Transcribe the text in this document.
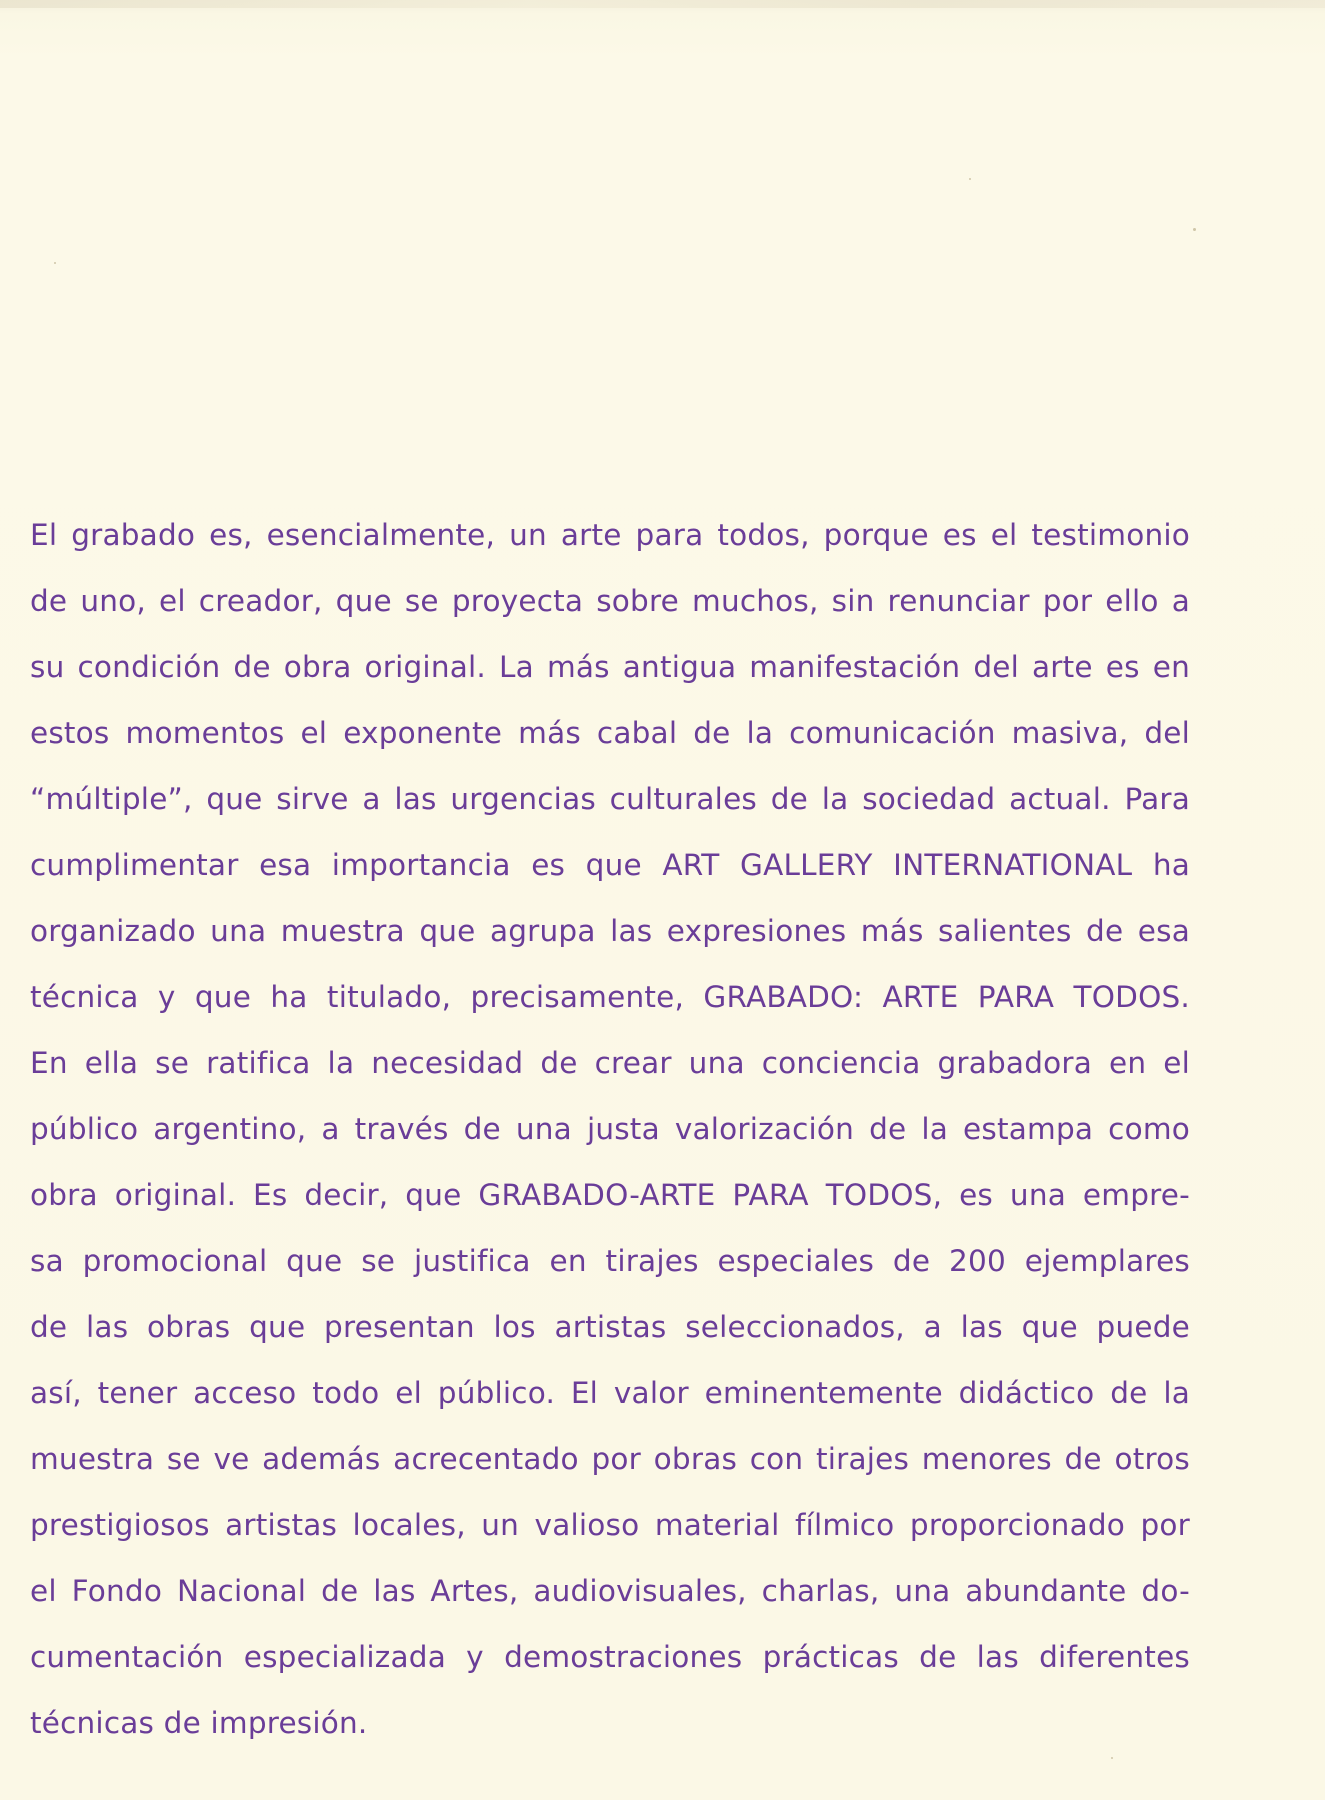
El grabado es, esencialmente, un arte para todos, porque es el testimonio
de uno, el creador, que se proyecta sobre muchos, sin renunciar por ello a
su condición de obra original. La más antigua manifestación del arte es en
estos momentos el exponente más cabal de la comunicación masiva, del
“múltiple”, que sirve a las urgencias culturales de la sociedad actual. Para
cumplimentar esa importancia es que ART GALLERY INTERNATIONAL ha
organizado una muestra que agrupa las expresiones más salientes de esa
técnica y que ha titulado, precisamente, GRABADO: ARTE PARA TODOS.
En ella se ratifica la necesidad de crear una conciencia grabadora en el
público argentino, a través de una justa valorización de la estampa como
obra original. Es decir, que GRABADO-ARTE PARA TODOS, es una empre-
sa promocional que se justifica en tirajes especiales de 200 ejemplares
de las obras que presentan los artistas seleccionados, a las que puede
así, tener acceso todo el público. El valor eminentemente didáctico de la
muestra se ve además acrecentado por obras con tirajes menores de otros
prestigiosos artistas locales, un valioso material fílmico proporcionado por
el Fondo Nacional de las Artes, audiovisuales, charlas, una abundante do-
cumentación especializada y demostraciones prácticas de las diferentes
técnicas de impresión.
